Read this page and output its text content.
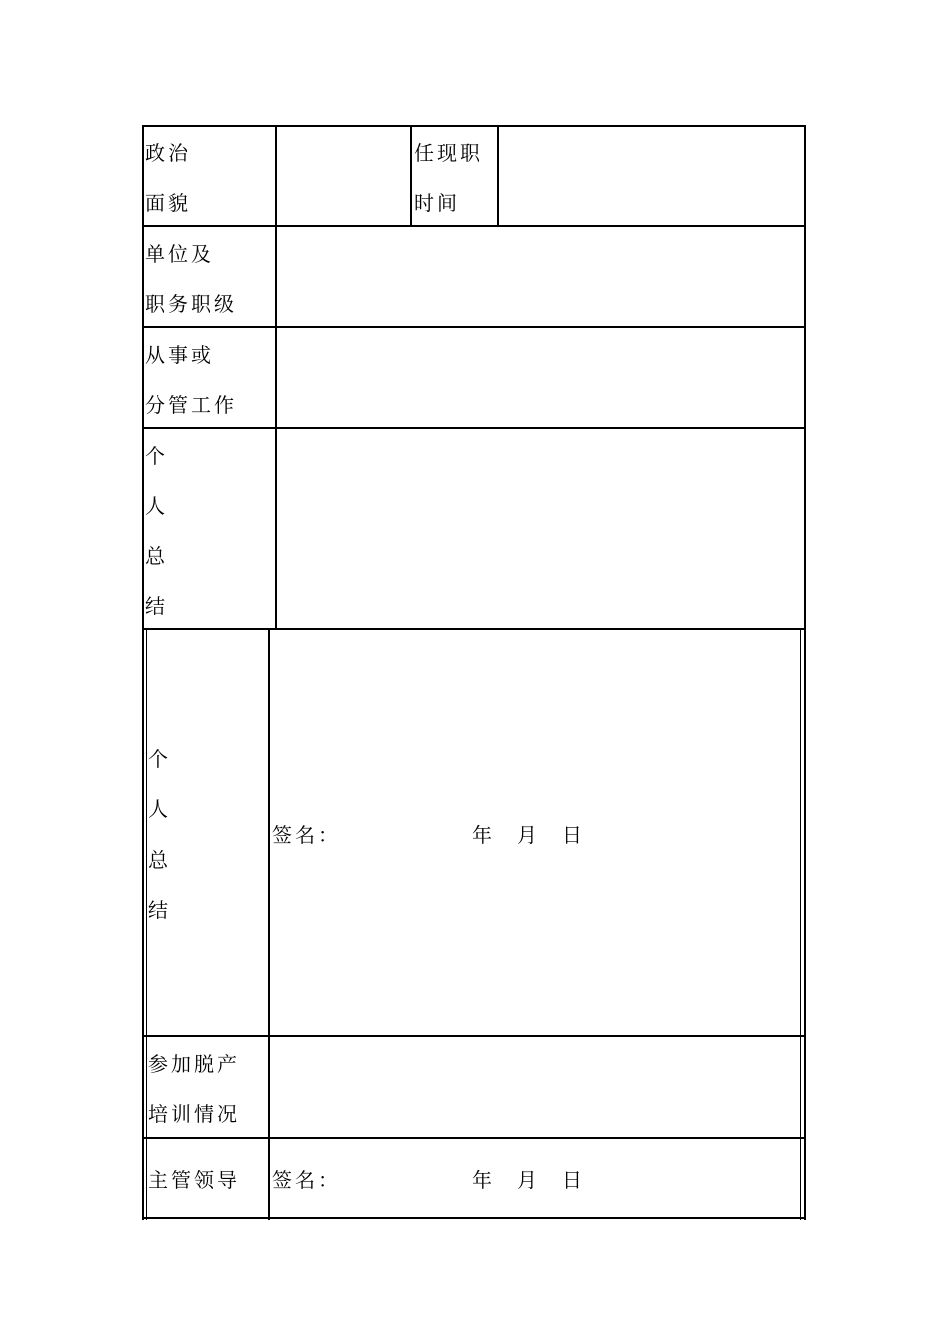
政治
面貌
任现职
时间
单位及
职务职级
从事或
分管工作
个
人
总
结
个
人
总
结
签名：	年 月 日
参加脱产
培训情况
主管领导 签名：	年 月 日
